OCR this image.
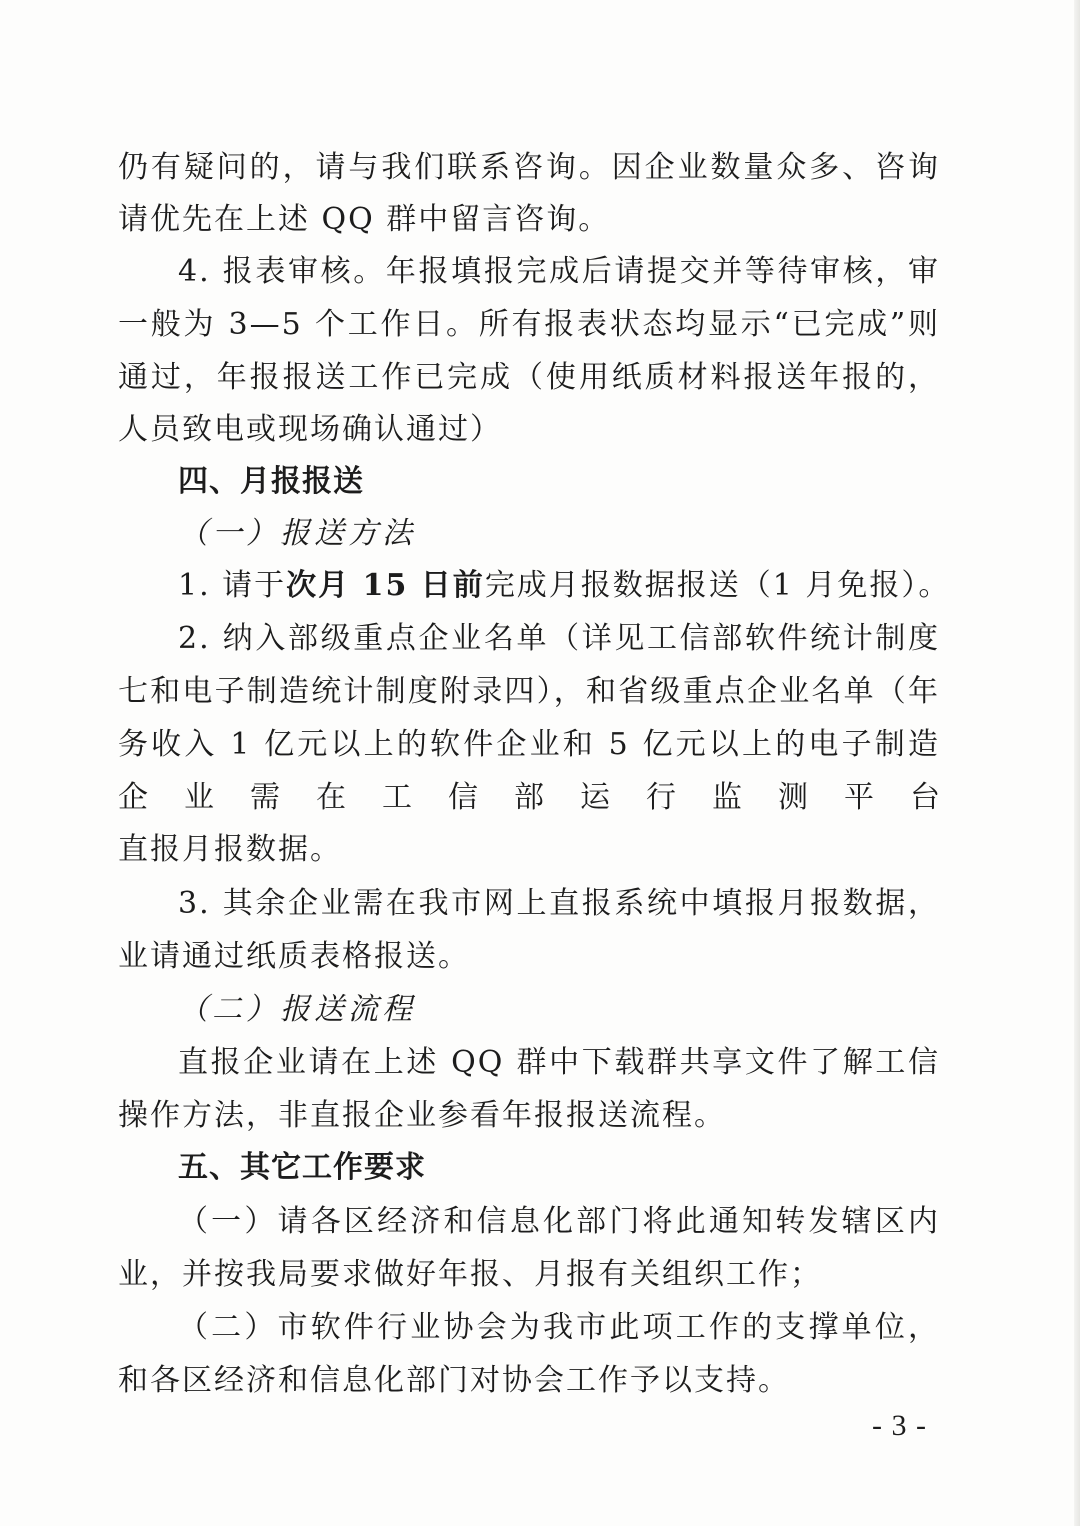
仍有疑问的，请与我们联系咨询。因企业数量众多、咨询
请优先在上述 QQ 群中留言咨询。
4. 报表审核。年报填报完成后请提交并等待审核，审
一般为 3—5 个工作日。所有报表状态均显示“已完成”则
通过，年报报送工作已完成（使用纸质材料报送年报的，
人员致电或现场确认通过）
四、月报报送
（一）报送方法
1. 请于次月 15 日前完成月报数据报送（1 月免报）。
2. 纳入部级重点企业名单（详见工信部软件统计制度
七和电子制造统计制度附录四），和省级重点企业名单（年
务收入 1 亿元以上的软件企业和 5 亿元以上的电子制造
企业需在工信部运行监测平台
直报月报数据。
3. 其余企业需在我市网上直报系统中填报月报数据，
业请通过纸质表格报送。
（二）报送流程
直报企业请在上述 QQ 群中下载群共享文件了解工信
操作方法，非直报企业参看年报报送流程。
五、其它工作要求
（一）请各区经济和信息化部门将此通知转发辖区内
业，并按我局要求做好年报、月报有关组织工作；
（二）市软件行业协会为我市此项工作的支撑单位，
和各区经济和信息化部门对协会工作予以支持。
- 3 -
